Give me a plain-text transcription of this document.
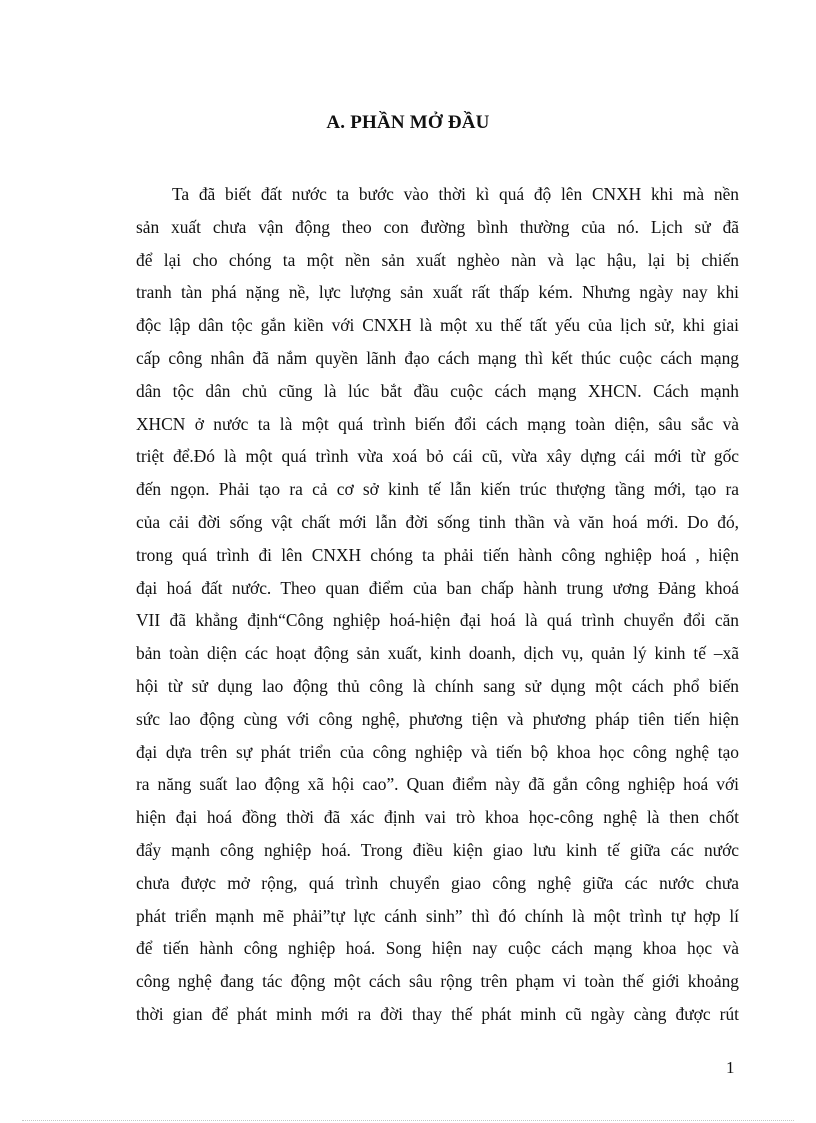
A. PHẦN MỞ ĐẦU
Ta đã biết đất nước ta bước vào thời kì quá độ lên CNXH khi mà nền
sản xuất chưa vận động theo con đường bình thường của nó. Lịch sử đã
để lại cho chóng ta một nền sản xuất nghèo nàn và lạc hậu, lại bị chiến
tranh tàn phá nặng nề, lực lượng sản xuất rất thấp kém. Nhưng ngày nay khi
độc lập dân tộc gắn kiền với CNXH là một xu thế tất yếu của lịch sử, khi giai
cấp công nhân đã nắm quyền lãnh đạo cách mạng thì kết thúc cuộc cách mạng
dân tộc dân chủ cũng là lúc bắt đầu cuộc cách mạng XHCN. Cách mạnh
XHCN ở nước ta là một quá trình biến đổi cách mạng toàn diện, sâu sắc và
triệt để.Đó là một quá trình vừa xoá bỏ cái cũ, vừa xây dựng cái mới từ gốc
đến ngọn. Phải tạo ra cả cơ sở kinh tế lẫn kiến trúc thượng tầng mới, tạo ra
của cải đời sống vật chất mới lẫn đời sống tinh thần và văn hoá mới. Do đó,
trong quá trình đi lên CNXH chóng ta phải tiến hành công nghiệp hoá , hiện
đại hoá đất nước. Theo quan điểm của ban chấp hành trung ương Đảng khoá
VII đã khẳng định“Công nghiệp hoá-hiện đại hoá là quá trình chuyển đổi căn
bản toàn diện các hoạt động sản xuất, kinh doanh, dịch vụ, quản lý kinh tế –xã
hội từ sử dụng lao động thủ công là chính sang sử dụng một cách phổ biến
sức lao động cùng với công nghệ, phương tiện và phương pháp tiên tiến hiện
đại dựa trên sự phát triển của công nghiệp và tiến bộ khoa học công nghệ tạo
ra năng suất lao động xã hội cao”. Quan điểm này đã gắn công nghiệp hoá với
hiện đại hoá đồng thời đã xác định vai trò khoa học-công nghệ là then chốt
đẩy mạnh công nghiệp hoá. Trong điều kiện giao lưu kinh tế giữa các nước
chưa được mở rộng, quá trình chuyển giao công nghệ giữa các nước chưa
phát triển mạnh mẽ phải”tự lực cánh sinh” thì đó chính là một trình tự hợp lí
để tiến hành công nghiệp hoá. Song hiện nay cuộc cách mạng khoa học và
công nghệ đang tác động một cách sâu rộng trên phạm vi toàn thế giới khoảng
thời gian để phát minh mới ra đời thay thế phát minh cũ ngày càng được rút
1
